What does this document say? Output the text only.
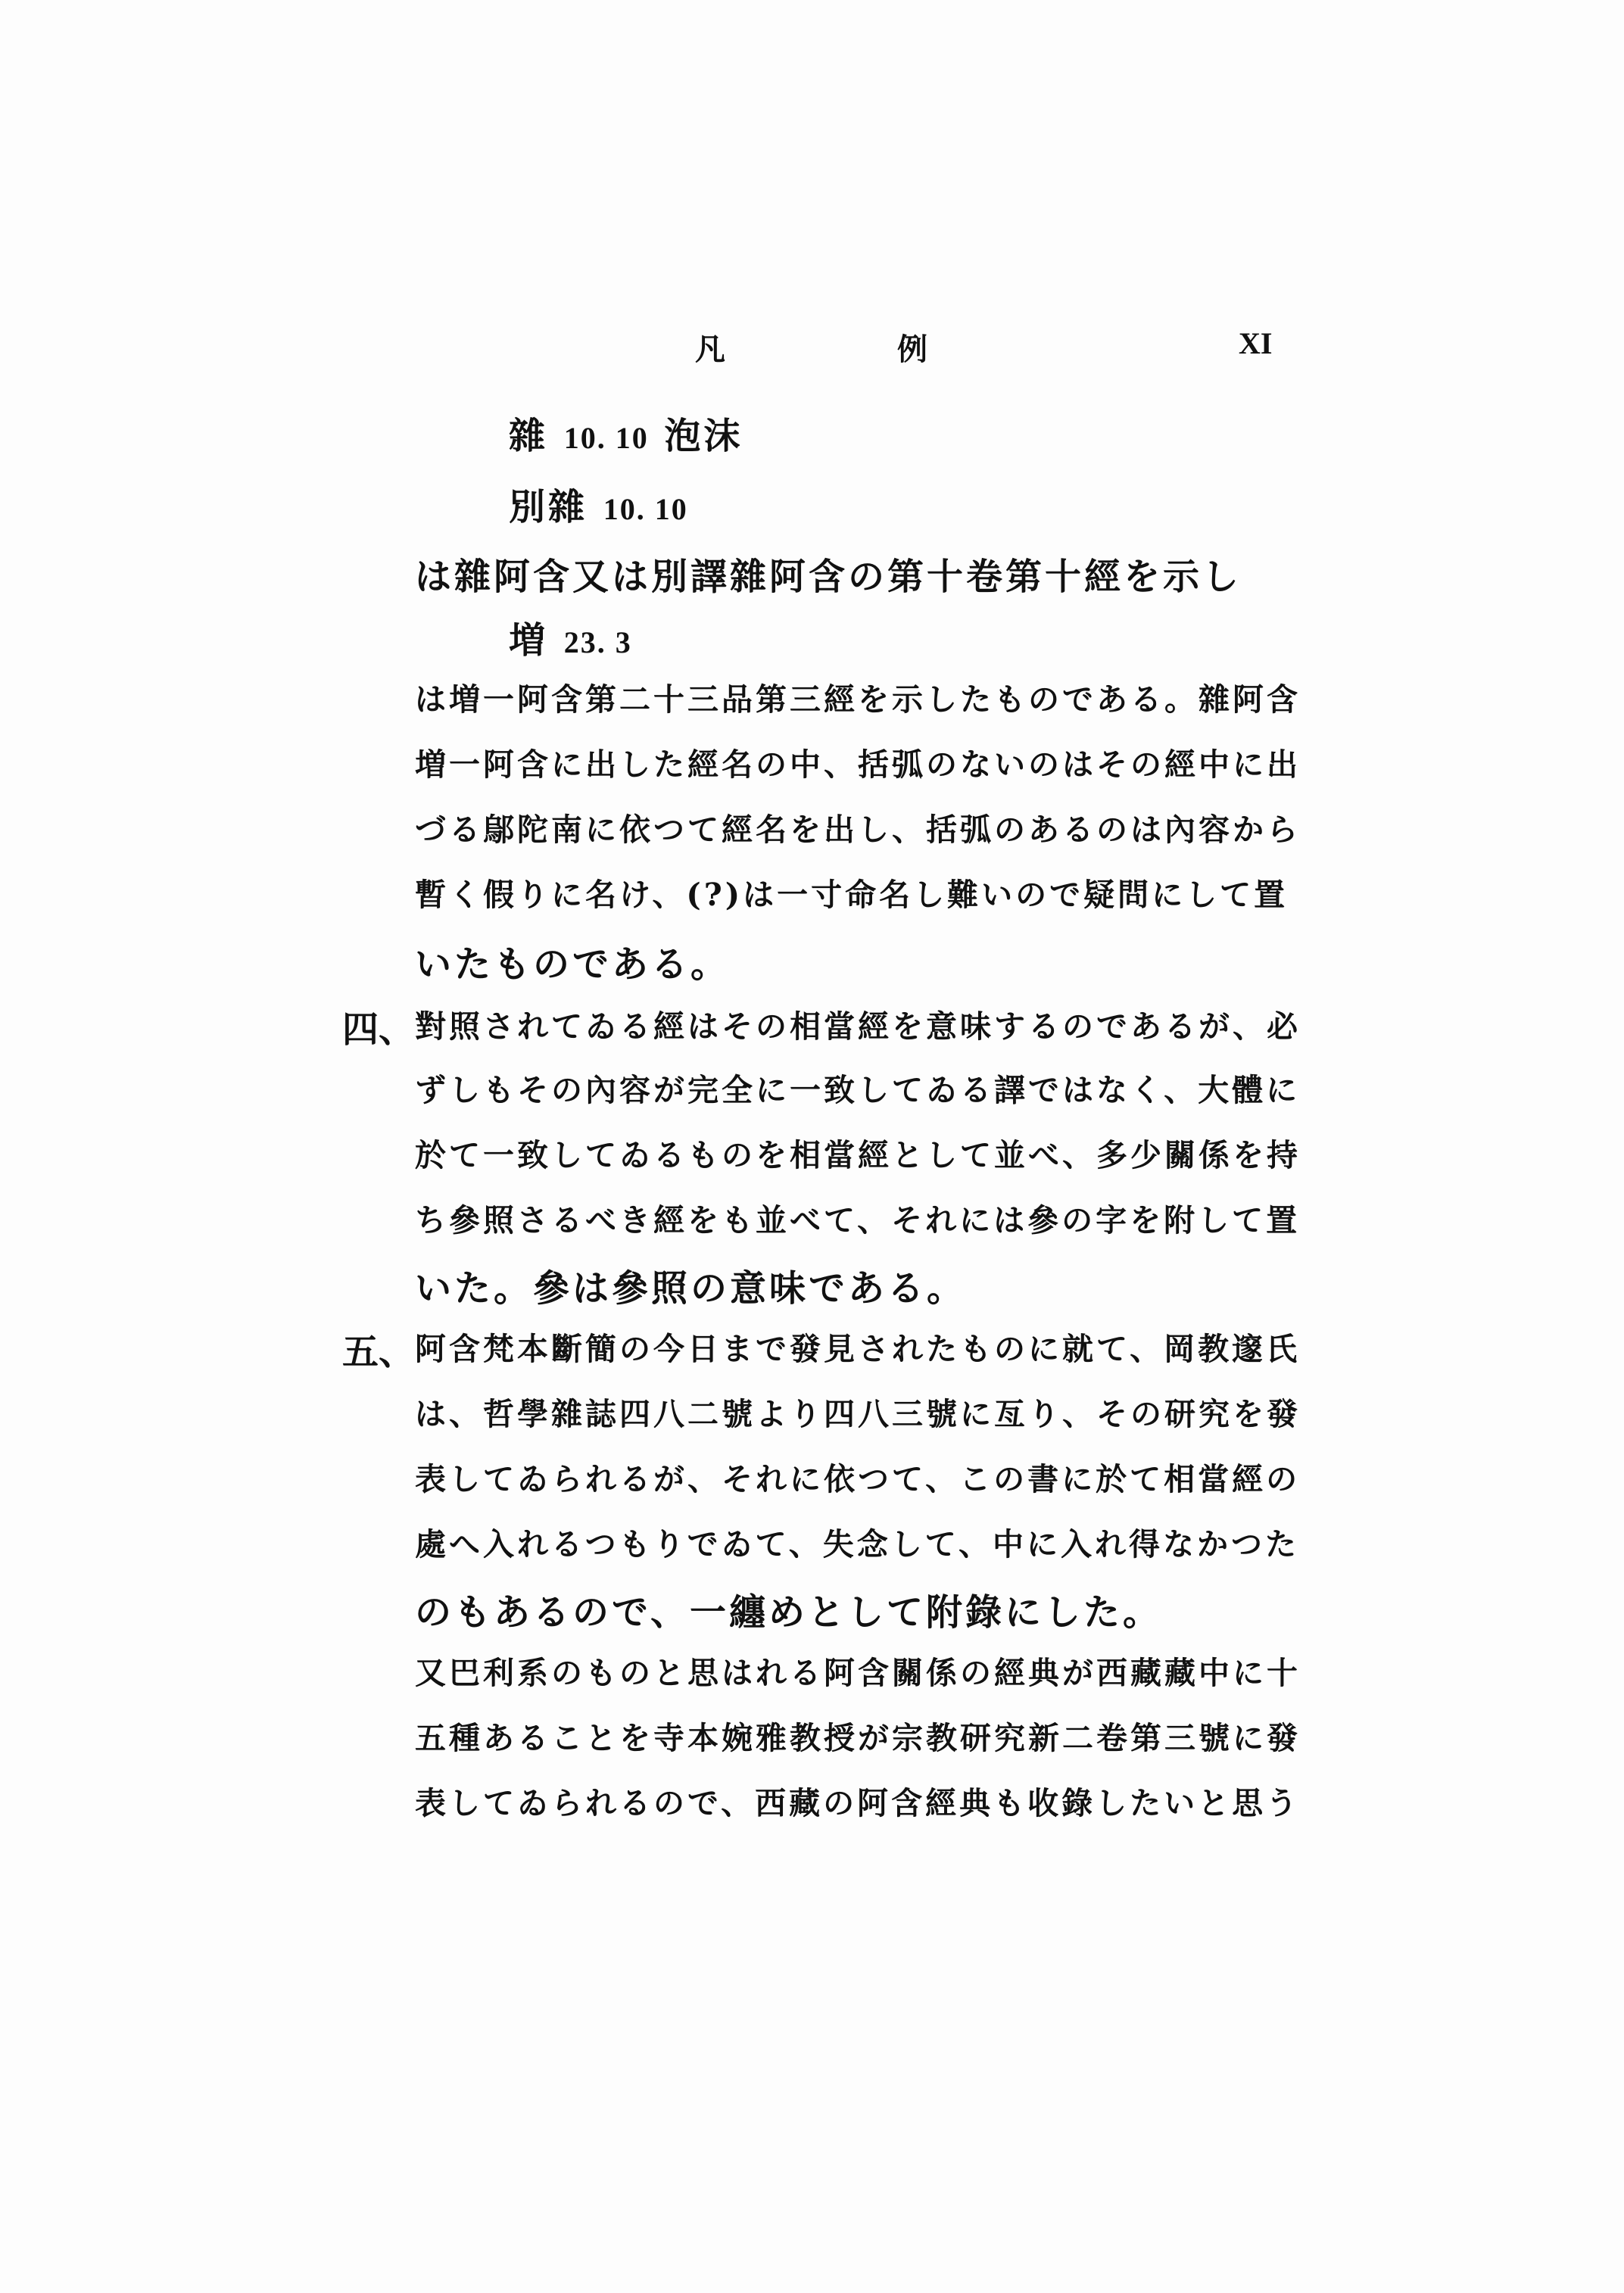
凡	例	XI
雜 10. 10 泡沫
別雜 10. 10
は雜阿含又は別譯雜阿含の第十卷第十經を示し
増 23. 3
は増一阿含第二十三品第三經を示したものである。雜阿含
増一阿含に出した經名の中、括弧のないのはその經中に出
づる鄔陀南に依つて經名を出し、括弧のあるのは內容から
暫く假りに名け、(?)は一寸命名し難いので疑問にして置
いたものである。
四、 對照されてゐる經はその相當經を意味するのであるが、必
ずしもその內容が完全に一致してゐる譯ではなく、大體に
於て一致してゐるものを相當經として並べ、多少關係を持
ち參照さるべき經をも並べて、それには參の字を附して置
いた。參は參照の意味である。
五、 阿含梵本斷簡の今日まで發見されたものに就て、岡教邃氏
は、哲學雜誌四八二號より四八三號に亙り、その研究を發
表してゐられるが、それに依つて、この書に於て相當經の
處へ入れるつもりでゐて、失念して、中に入れ得なかつた
のもあるので、一纏めとして附錄にした。
又巴利系のものと思はれる阿含關係の經典が西藏藏中に十
五種あることを寺本婉雅教授が宗教研究新二卷第三號に發
表してゐられるので、西藏の阿含經典も收錄したいと思う
